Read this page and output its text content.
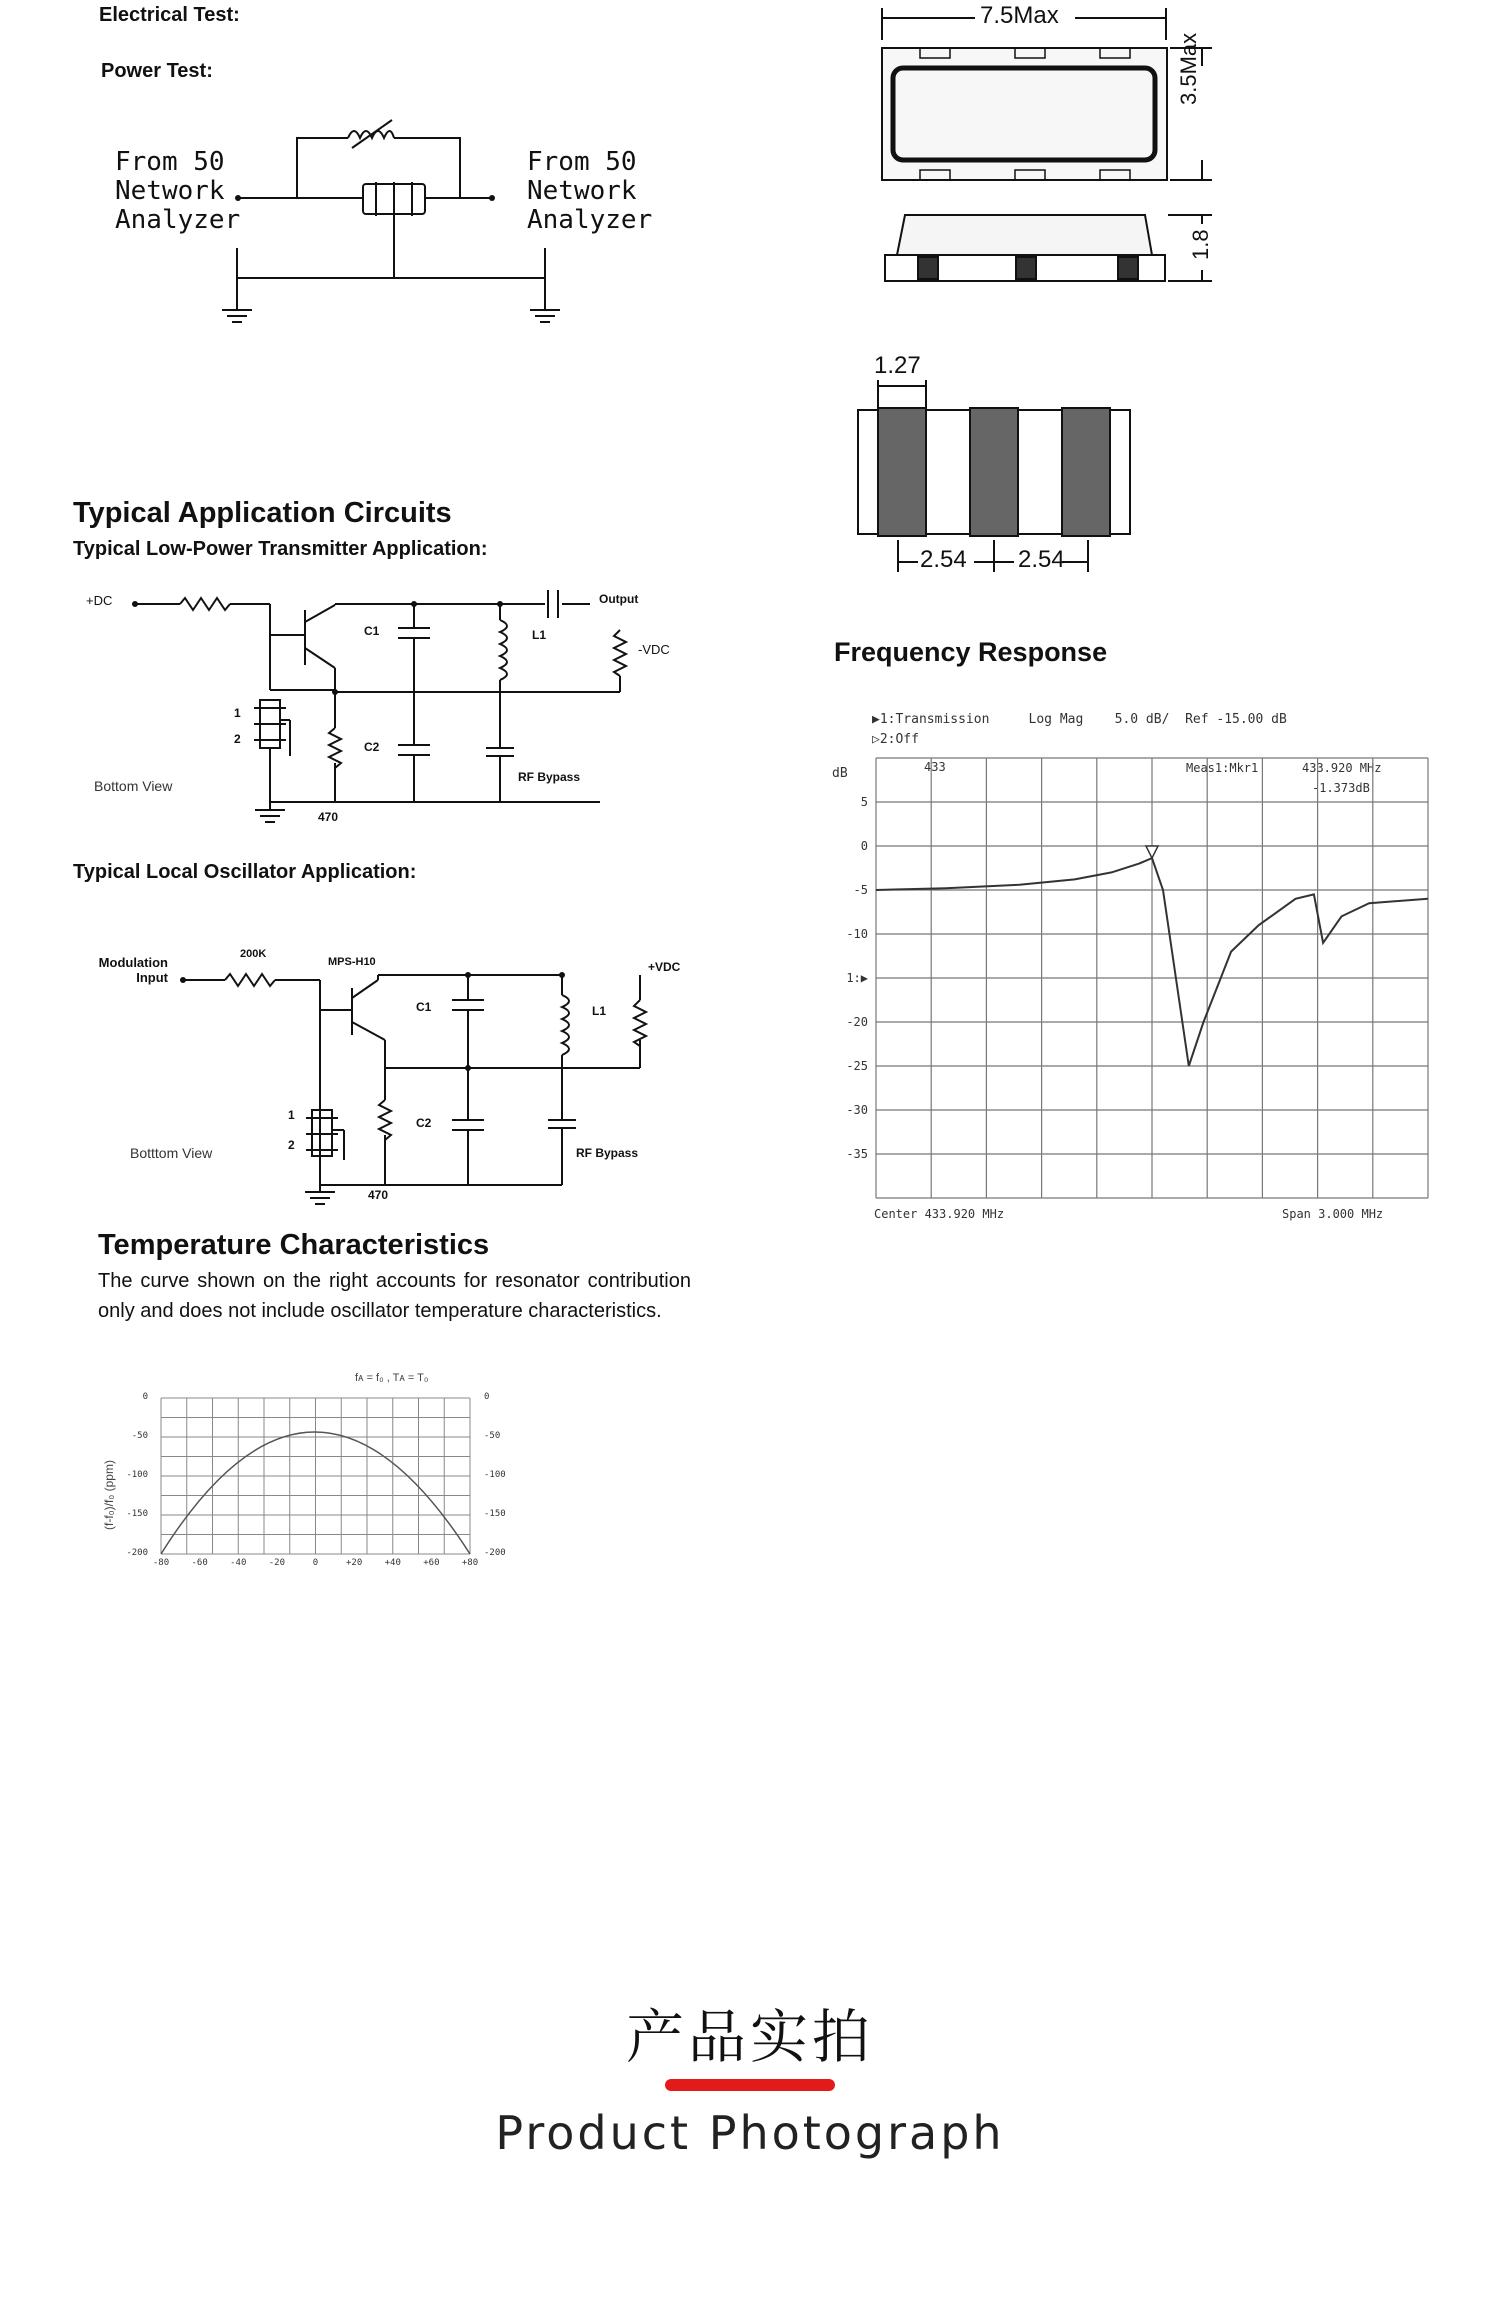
Electrical Test:
Power Test:
From 50
Network
Analyzer
From 50
Network
Analyzer
7.5Max
3.5Max
1.8
1.27
2.54 2.54
Typical Application Circuits
Typical Low-Power Transmitter Application:
+DC	Output
-VDC
C1
C2
L1
1
2
Bottom View
470
RF Bypass
Typical Local Oscillator Application:
Modulation
Input
200K
MPS-H10	+VDC
C1
C2
L1
1
2
Botttom View
470
RF Bypass
Temperature Characteristics
The curve shown on the right accounts for resonator contribution only and does not include oscillator temperature characteristics.
(f-f₀)/f₀ (ppm)
fᴀ = f₀ , Tᴀ = T₀
0
-50
-100
-150
-200
0
-50
-100
-150
-200
-80	-60	-40	-20	0	+20	+40	+60	+80
Frequency Response
▶1:Transmission     Log Mag    5.0 dB/  Ref -15.00 dB
▷2:Off
dB	433	Meas1:Mkr1	433.920 MHz
-1.373dB
5
0
-5
-10
1:▶
-20
-25
-30
-35
Center 433.920 MHz	Span 3.000 MHz
产品实拍
Product Photograph
